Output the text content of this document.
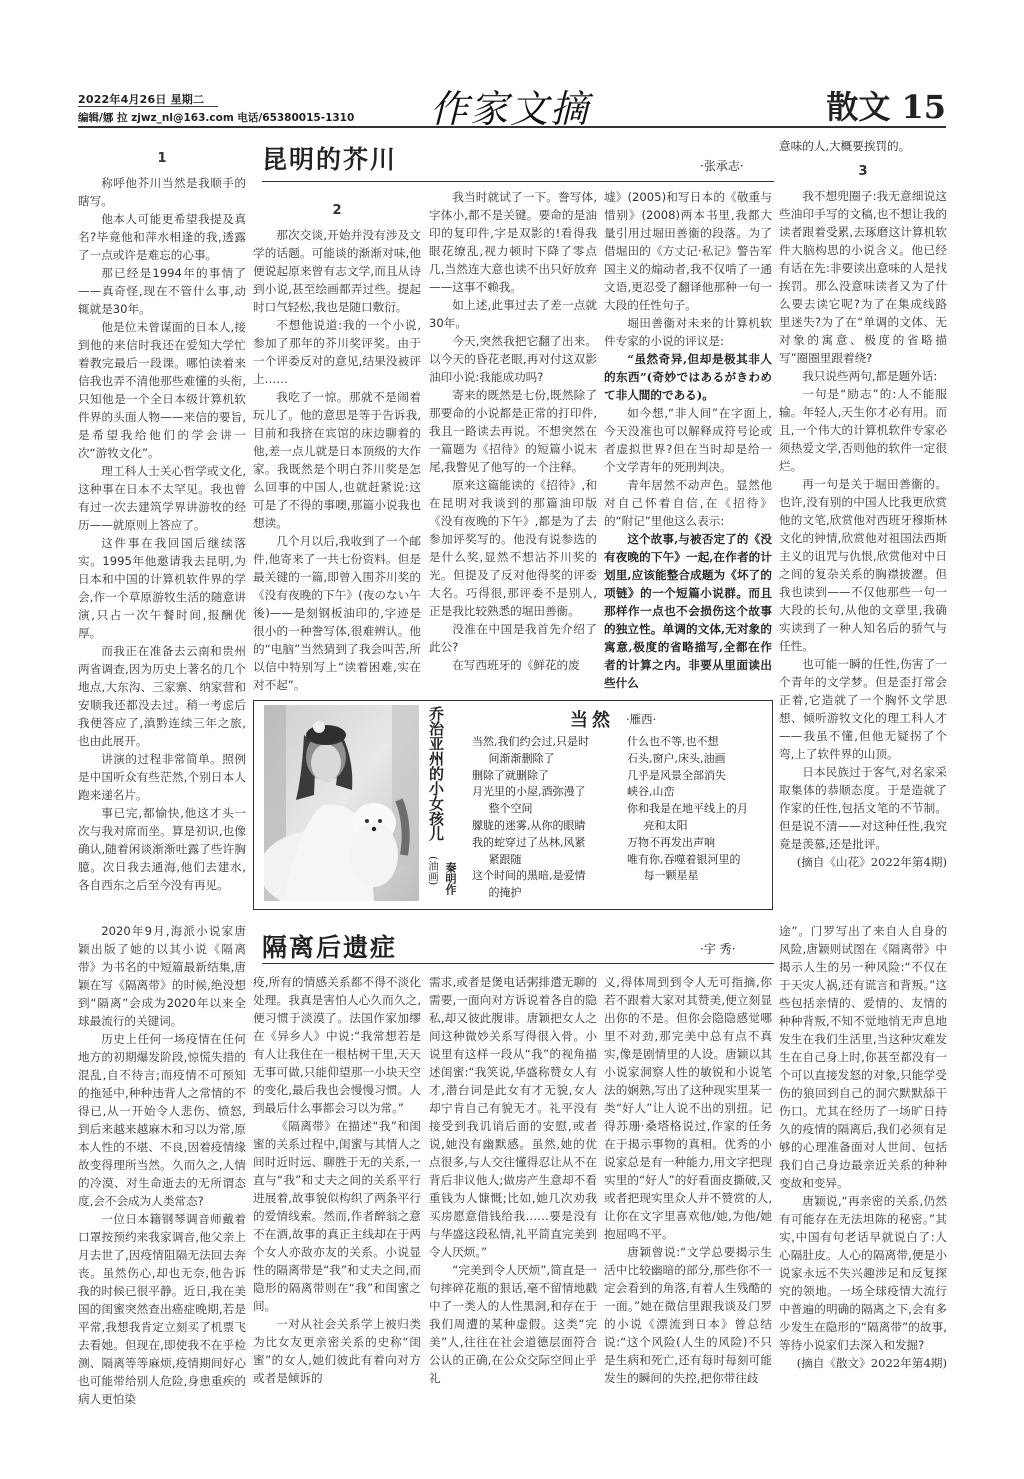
2022年4月26日 星期二
编辑/娜 拉 zjwz_nl@163.com 电话/65380015-1310 作家文摘	散文 15
昆明的芥川	·张承志·
1

称呼他芥川当然是我顺手的瞎写。

他本人可能更希望我提及真名?毕竟他和萍水相逢的我,透露了一点或许是难忘的心事。

那已经是1994年的事情了——真奇怪,现在不管什么事,动辄就是30年。

他是位未曾谋面的日本人,接到他的来信时我还在爱知大学忙着教完最后一段课。哪怕读着来信我也弄不清他那些难懂的头衔,只知他是一个全日本级计算机软件界的头面人物——来信的要旨,是希望我给他们的学会讲一次“游牧文化”。

理工科人士关心哲学或文化,这种事在日本不太罕见。我也曾有过一次去建筑学界讲游牧的经历——就原则上答应了。

这件事在我回国后继续落实。1995年他邀请我去昆明,为日本和中国的计算机软件界的学会,作一个草原游牧生活的随意讲演,只占一次午餐时间,报酬优厚。

而我正在准备去云南和贵州两省调查,因为历史上著名的几个地点,大东沟、三家寨、纳家营和安顺我还都没去过。稍一考虑后我便答应了,滇黔连续三年之旅,也由此展开。

讲演的过程非常简单。照例是中国听众有些茫然,个别日本人跑来递名片。

事已完,都愉快,他这才头一次与我对席而坐。算是初识,也像确认,随着闲谈渐渐吐露了些许胸臆。次日我去通海,他们去建水,各自西东之后至今没有再见。

2

那次交谈,开始并没有涉及文学的话题。可能谈的渐渐对味,他便说起原来曾有志文学,而且从诗到小说,甚至绘画都弄过些。提起时口气轻松,我也是随口敷衍。

不想他说道:我的一个小说,参加了那年的芥川奖评奖。由于一个评委反对的意见,结果没被评上……

我吃了一惊。那就不是闹着玩儿了。他的意思是等于告诉我,目前和我挤在宾馆的床边聊着的他,差一点儿就是日本顶级的大作家。我既然是个明白芥川奖是怎么回事的中国人,也就赶紧说:这可是了不得的事噢,那篇小说我也想读。

几个月以后,我收到了一个邮件,他寄来了一共七份资料。但是最关键的一篇,即曾入围芥川奖的《没有夜晚的下午》(夜のない午後)——是刻钢板油印的,字迹是很小的一种誊写体,很难辨认。他的“电脑”当然猜到了我会叫苦,所以信中特别写上“读着困难,实在对不起”。

我当时就试了一下。誊写体,字体小,都不是关键。要命的是油印的复印件,字是双影的!看得我眼花缭乱,视力顿时下降了零点几,当然连大意也读不出只好放弃——这事不赖我。

如上述,此事过去了差一点就30年。

今天,突然我把它翻了出来。以今天的昏花老眼,再对付这双影油印小说:我能成功吗?

寄来的既然是七份,既然除了那要命的小说都是正常的打印件,我且一路读去再说。不想突然在一篇题为《招待》的短篇小说末尾,我瞥见了他写的一个注释。

原来这篇能读的《招待》,和在昆明对我谈到的那篇油印版《没有夜晚的下午》,都是为了去参加评奖写的。他没有说参选的是什么奖,显然不想沾芥川奖的光。但提及了反对他得奖的评委大名。巧得很,那评委不是别人,正是我比较熟悉的堀田善衞。

没准在中国是我首先介绍了此公?

在写西班牙的《鲜花的废

墟》(2005)和写日本的《敬重与惜别》(2008)两本书里,我都大量引用过堀田善衞的段落。为了借堀田的《方丈记·私记》警告军国主义的煽动者,我不仅啃了一通文语,更忍受了翻译他那种一句一大段的任性句子。

堀田善衞对未来的计算机软件专家的小说的评议是:

“虽然奇异,但却是极其非人的东西”(奇妙ではあるがきわめて非人間的である)。

如今想,“非人间”在字面上,今天没准也可以解释成符号论或者虚拟世界?但在当时却是给一个文学青年的死刑判决。

青年居然不动声色。显然他对自己怀着自信,在《招待》的“附记”里他这么表示:

这个故事,与被否定了的《没有夜晚的下午》一起,在作者的计划里,应该能整合成题为《坏了的项链》的一个短篇小说群。而且那样作一点也不会损伤这个故事的独立性。单调的文体,无对象的寓意,极度的省略描写,全都在作者的计算之内。非要从里面读出些什么

意味的人,大概要挨罚的。

3

我不想兜圈子:我无意细说这些油印手写的文稿,也不想让我的读者跟着受累,去琢磨这计算机软件大脑构思的小说含义。他已经有话在先:非要读出意味的人是找挨罚。那么没意味读者又为了什么要去读它呢?为了在集成线路里迷失?为了在“单调的文体、无对象的寓意、极度的省略描写”圈圈里跟着绕?

我只说些两句,都是题外话:

一句是“励志”的:人不能服输。年轻人,天生你才必有用。而且,一个伟大的计算机软件专家必须热爱文学,否则他的软件一定很烂。

再一句是关于堀田善衞的。也许,没有别的中国人比我更欣赏他的文笔,欣赏他对西班牙穆斯林文化的钟情,欣赏他对祖国法西斯主义的诅咒与仇恨,欣赏他对中日之间的复杂关系的胸襟披瀝。但我也读到——不仅他那些一句一大段的长句,从他的文章里,我确实读到了一种人知名后的骄气与任性。

也可能一瞬的任性,伤害了一个青年的文学梦。但是歪打常会正着,它造就了一个胸怀文学思想、倾听游牧文化的理工科人才——我虽不懂,但他无疑拐了个弯,上了软件界的山顶。

日本民族过于客气,对名家采取集体的恭顺态度。于是造就了作家的任性,包括文笔的不节制。但是说不清——对这种任性,我究竟是羡慕,还是批评。

(摘自《山花》2022年第4期)

乔治亚州的小女孩儿
(油画) 秦明作
当然 ·雁西·
当然,我们约会过,只是时
间渐渐删除了
删除了就删除了
月光里的小屋,酒弥漫了
整个空间
朦胧的迷雾,从你的眼睛
我的蛇穿过了丛林,风紧
紧跟随
这个时间的黑暗,是爱情
的掩护
什么也不等,也不想
石头,窗户,床头,油画
几乎是风景全部消失
峡谷,山峦
你和我是在地平线上的月
亮和太阳
万物不再发出声响
唯有你,吞噬着银河里的
每一颗星星
隔离后遗症	·宇 秀·

2020年9月,海派小说家唐颖出版了她的以其小说《隔离带》为书名的中短篇最新结集,唐颖在写《隔离带》的时候,绝没想到“隔离”会成为2020年以来全球最流行的关键词。

历史上任何一场疫情在任何地方的初期爆发阶段,惊慌失措的混乱,自不待言;而疫情不可预知的拖延中,种种违背人之常情的不得已,从一开始令人悲伤、愤怒,到后来越来越麻木和习以为常,原本人性的不堪、不良,因着疫情缘故变得理所当然。久而久之,人情的冷漠、对生命逝去的无所谓态度,会不会成为人类常态?

一位日本籍钢琴调音师戴着口罩按预约来我家调音,他父亲上月去世了,因疫情阻隔无法回去奔丧。虽然伤心,却也无奈,他告诉我的时候已很平静。近日,我在美国的闺蜜突然查出癌症晚期,若是平常,我想我肯定立刻买了机票飞去看她。但现在,即使我不在乎检测、隔离等等麻烦,疫情期间好心也可能带给别人危险,身患重疾的病人更怕染

疫,所有的情感关系都不得不淡化处理。我真是害怕人心久而久之,便习惯于淡漠了。法国作家加缪在《异乡人》中说:“我常想若是有人让我住在一根枯树干里,天天无事可做,只能仰望那一小块天空的变化,最后我也会慢慢习惯。人到最后什么事都会习以为常。”

《隔离带》在描述“我”和闺蜜的关系过程中,闺蜜与其情人之间时近时远、聊胜于无的关系,一直与“我”和丈夫之间的关系平行进展着,故事貌似构织了两条平行的爱情线索。然而,作者醉翁之意不在酒,故事的真正主线却在于两个女人亦敌亦友的关系。小说显性的隔离带是“我”和丈夫之间,而隐形的隔离带则在“我”和闺蜜之间。

一对从社会关系学上被归类为比女友更亲密关系的史称“闺蜜”的女人,她们彼此有着向对方或者是倾诉的

需求,或者是煲电话粥排遣无聊的需要,一面向对方诉说着各自的隐私,却又彼此腹诽。唐颖把女人之间这种微妙关系写得很入骨。小说里有这样一段从“我”的视角描述闺蜜:“我笑说,华盛称赞女人有才,潜台词是此女有才无貌,女人却宁肯自己有貌无才。礼平没有接受到我讥诮后面的安慰,或者说,她没有幽默感。虽然,她的优点很多,与人交往懂得忍让从不在背后非议他人;做房产生意却不看重钱为人慷慨;比如,她几次劝我买房愿意借钱给我……要是没有与华盛这段私情,礼平简直完美到令人厌烦。”

“完美到令人厌烦”,简直是一句摔碎花瓶的狠话,毫不留情地戳中了一类人的人性黑洞,和存在于我们周遭的某种虚假。这类“完美”人,往往在社会道德层面符合公认的正确,在公众交际空间止乎礼

义,得体周到到令人无可指摘,你若不跟着大家对其赞美,便立刻显出你的不是。但你会隐隐感觉哪里不对劲,那完美中总有点不真实,像是剧情里的人设。唐颖以其小说家洞察人性的敏锐和小说笔法的娴熟,写出了这种现实里某一类“好人”让人说不出的别扭。记得苏珊·桑塔格说过,作家的任务在于揭示事物的真相。优秀的小说家总是有一种能力,用文字把现实里的“好人”的好看面皮撕破,又或者把现实里众人并不赞赏的人,让你在文字里喜欢他/她,为他/她抱屈鸣不平。

唐颖曾说:“文学总要揭示生活中比较幽暗的部分,那些你不一定会看到的角落,有着人生残酷的一面。”她在微信里跟我谈及门罗的小说《漂流到日本》曾总结说:“这个风险(人生的风险)不只是生病和死亡,还有每时每刻可能发生的瞬间的失控,把你带往歧

途”。门罗写出了来自人自身的风险,唐颖则试图在《隔离带》中揭示人生的另一种风险:“不仅在于天灾人祸,还有谎言和背叛。”这些包括亲情的、爱情的、友情的种种背叛,不知不觉地悄无声息地发生在我们生活里,当这种灾难发生在自己身上时,你甚至都没有一个可以直接发怒的对象,只能学受伤的狼回到自己的洞穴默默舔干伤口。尤其在经历了一场旷日持久的疫情的隔离后,我们必须有足够的心理准备面对人世间、包括我们自己身边最亲近关系的种种变故和变异。

唐颖说,“再亲密的关系,仍然有可能存在无法坦陈的秘密。”其实,中国有句老话早就说白了:人心隔肚皮。人心的隔离带,便是小说家永远不失兴趣涉足和反复探究的领地。一场全球疫情大流行中普遍的明确的隔离之下,会有多少发生在隐形的“隔离带”的故事,等待小说家们去深入和发掘?

(摘自《散文》2022年第4期)
